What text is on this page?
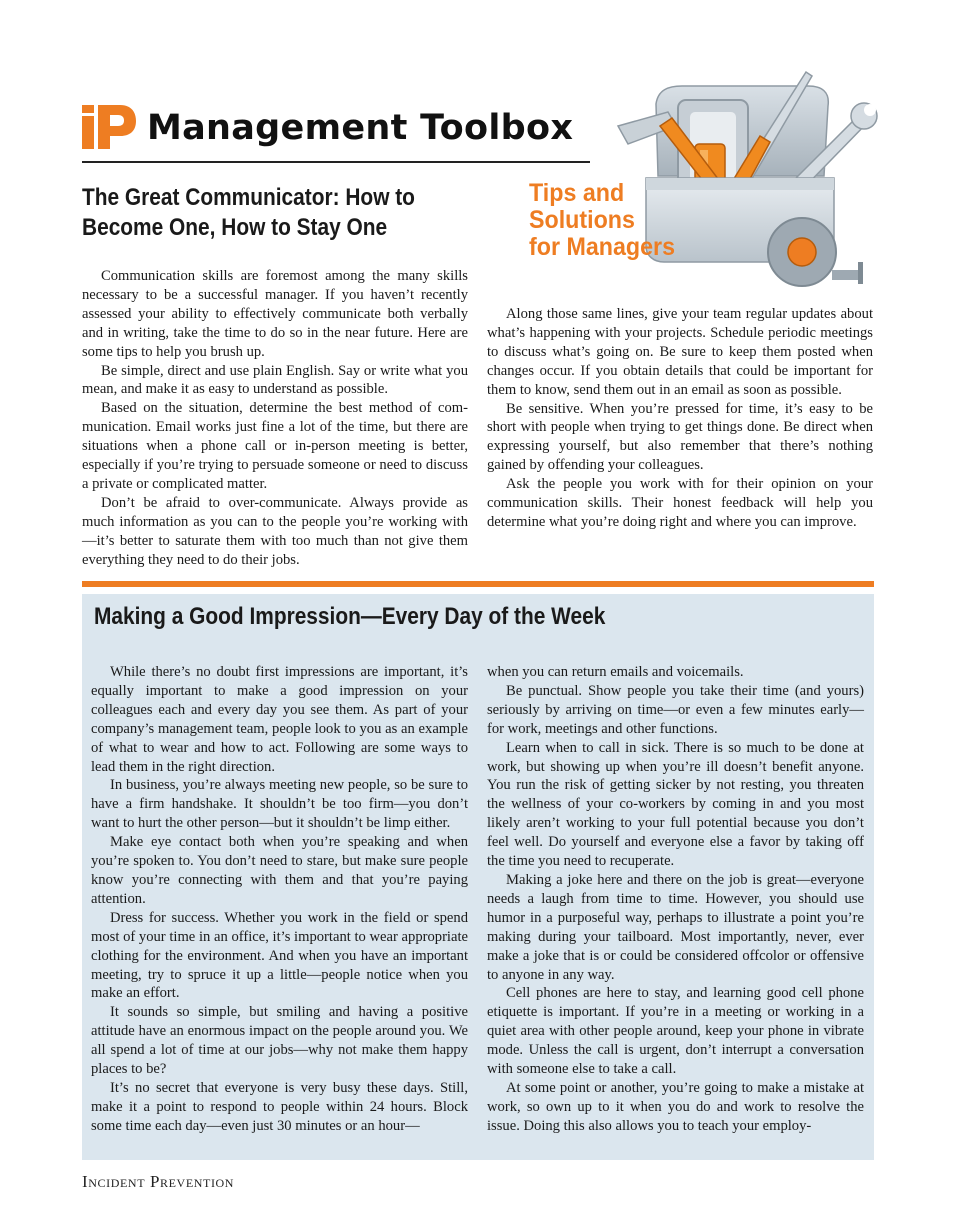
Management Toolbox
Tips and
Solutions
for Managers
The Great Communicator: How to
Become One, How to Stay One

Communication skills are foremost among the many skills necessary to be a successful manager. If you haven’t recently assessed your ability to effectively communicate both verbally and in writing, take the time to do so in the near future. Here are some tips to help you brush up.

Be simple, direct and use plain English. Say or write what you mean, and make it as easy to understand as possible.

Based on the situation, determine the best method of communication. Email works just fine a lot of the time, but there are situations when a phone call or in-person meeting is better, especially if you’re trying to persuade someone or need to discuss a private or complicated matter.

Don’t be afraid to over-communicate. Always provide as much information as you can to the people you’re working with—it’s better to saturate them with too much than not give them everything they need to do their jobs.

Along those same lines, give your team regular updates about what’s happening with your projects. Schedule periodic meetings to discuss what’s going on. Be sure to keep them posted when changes occur. If you obtain details that could be important for them to know, send them out in an email as soon as possible.

Be sensitive. When you’re pressed for time, it’s easy to be short with people when trying to get things done. Be direct when expressing yourself, but also remember that there’s nothing gained by offending your colleagues.

Ask the people you work with for their opinion on your communication skills. Their honest feedback will help you determine what you’re doing right and where you can improve.

Making a Good Impression—Every Day of the Week

While there’s no doubt first impressions are important, it’s equally important to make a good impression on your colleagues each and every day you see them. As part of your company’s management team, people look to you as an example of what to wear and how to act. Following are some ways to lead them in the right direction.

In business, you’re always meeting new people, so be sure to have a firm handshake. It shouldn’t be too firm—you don’t want to hurt the other person—but it shouldn’t be limp either.

Make eye contact both when you’re speaking and when you’re spoken to. You don’t need to stare, but make sure people know you’re connecting with them and that you’re paying attention.

Dress for success. Whether you work in the field or spend most of your time in an office, it’s important to wear appropriate clothing for the environment. And when you have an important meeting, try to spruce it up a little—people notice when you make an effort.

It sounds so simple, but smiling and having a positive attitude have an enormous impact on the people around you. We all spend a lot of time at our jobs—why not make them happy places to be?

It’s no secret that everyone is very busy these days. Still, make it a point to respond to people within 24 hours. Block some time each day—even just 30 minutes or an hour—

when you can return emails and voicemails.

Be punctual. Show people you take their time (and yours) seriously by arriving on time—or even a few minutes early— for work, meetings and other functions.

Learn when to call in sick. There is so much to be done at work, but showing up when you’re ill doesn’t benefit anyone. You run the risk of getting sicker by not resting, you threaten the wellness of your co-workers by coming in and you most likely aren’t working to your full potential because you don’t feel well. Do yourself and everyone else a favor by taking off the time you need to recuperate.

Making a joke here and there on the job is great—everyone needs a laugh from time to time. However, you should use humor in a purposeful way, perhaps to illustrate a point you’re making during your tailboard. Most importantly, never, ever make a joke that is or could be considered offcolor or offensive to anyone in any way.

Cell phones are here to stay, and learning good cell phone etiquette is important. If you’re in a meeting or working in a quiet area with other people around, keep your phone in vibrate mode. Unless the call is urgent, don’t interrupt a conversation with someone else to take a call.

At some point or another, you’re going to make a mistake at work, so own up to it when you do and work to resolve the issue. Doing this also allows you to teach your employ-

Incident Prevention
